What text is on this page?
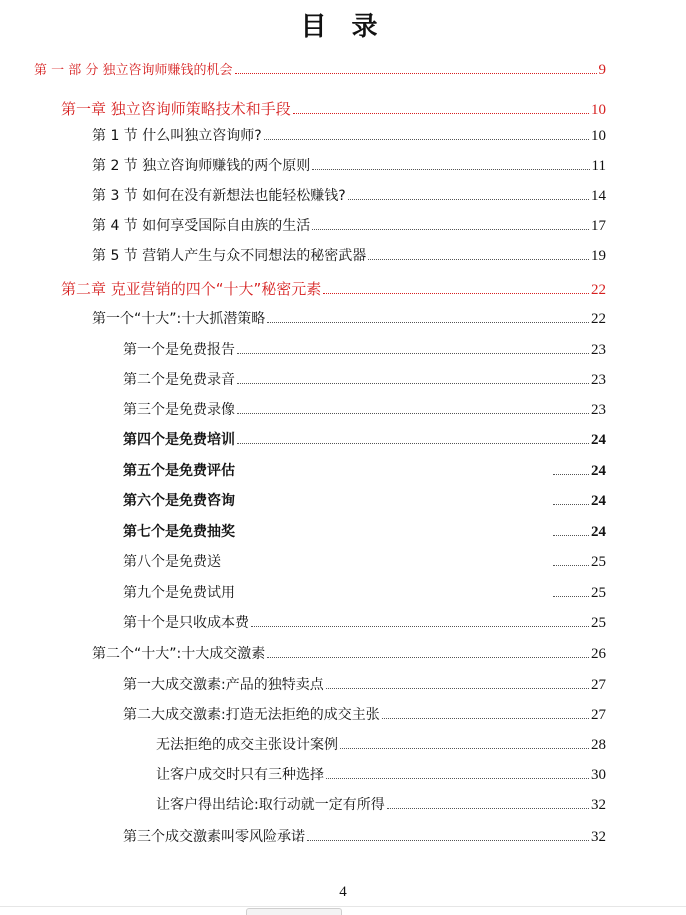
目 录
第 一 部 分 独立咨询师赚钱的机会	9
第一章 独立咨询师策略技术和手段	10
第 1 节 什么叫独立咨询师?	10
第 2 节 独立咨询师赚钱的两个原则	11
第 3 节 如何在没有新想法也能轻松赚钱?	14
第 4 节 如何享受国际自由族的生活	17
第 5 节 营销人产生与众不同想法的秘密武器	19
第二章 克亚营销的四个“十大”秘密元素	22
第一个“十大”:十大抓潜策略	22
第一个是免费报告	23
第二个是免费录音	23
第三个是免费录像	23
第四个是免费培训	24
第五个是免费评估	24
第六个是免费咨询	24
第七个是免费抽奖	24
第八个是免费送	25
第九个是免费试用	25
第十个是只收成本费	25
第二个“十大”:十大成交激素	26
第一大成交激素:产品的独特卖点	27
第二大成交激素:打造无法拒绝的成交主张	27
无法拒绝的成交主张设计案例	28
让客户成交时只有三种选择	30
让客户得出结论:取行动就一定有所得	32
第三个成交激素叫零风险承诺	32
4
